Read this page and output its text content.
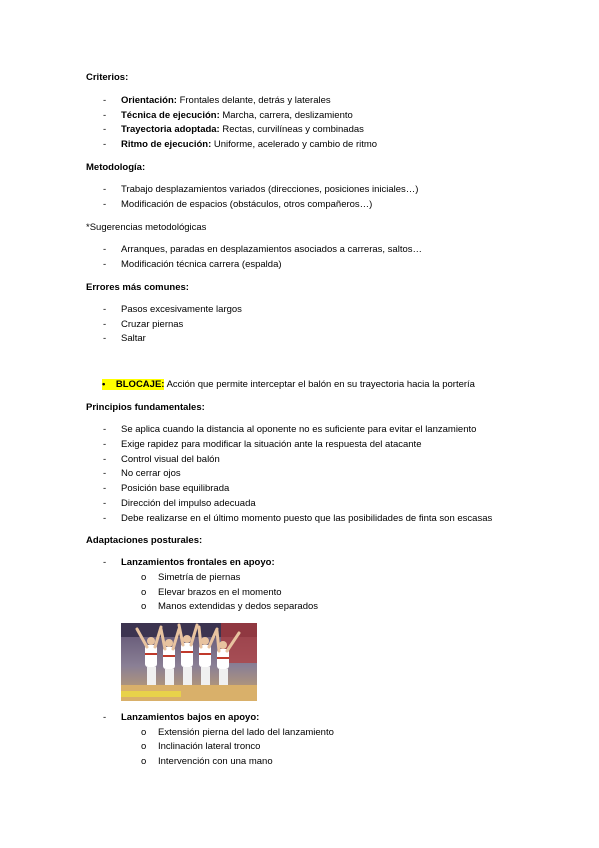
Criterios:
- Orientación: Frontales delante, detrás y laterales
- Técnica de ejecución: Marcha, carrera, deslizamiento
- Trayectoria adoptada: Rectas, curvilíneas y combinadas
- Ritmo de ejecución: Uniforme, acelerado y cambio de ritmo
Metodología:
- Trabajo desplazamientos variados (direcciones, posiciones iniciales…)
- Modificación de espacios (obstáculos, otros compañeros…)
*Sugerencias metodológicas
- Arranques, paradas en desplazamientos asociados a carreras, saltos…
- Modificación técnica carrera (espalda)
Errores más comunes:
- Pasos excesivamente largos
- Cruzar piernas
- Saltar
• BLOCAJE: Acción que permite interceptar el balón en su trayectoria hacia la portería
Principios fundamentales:
- Se aplica cuando la distancia al oponente no es suficiente para evitar el lanzamiento
- Exige rapidez para modificar la situación ante la respuesta del atacante
- Control visual del balón
- No cerrar ojos
- Posición base equilibrada
- Dirección del impulso adecuada
- Debe realizarse en el último momento puesto que las posibilidades de finta son escasas
Adaptaciones posturales:
- Lanzamientos frontales en apoyo:
o Simetría de piernas
o Elevar brazos en el momento
o Manos extendidas y dedos separados
- Lanzamientos bajos en apoyo:
o Extensión pierna del lado del lanzamiento
o Inclinación lateral tronco
o Intervención con una mano
